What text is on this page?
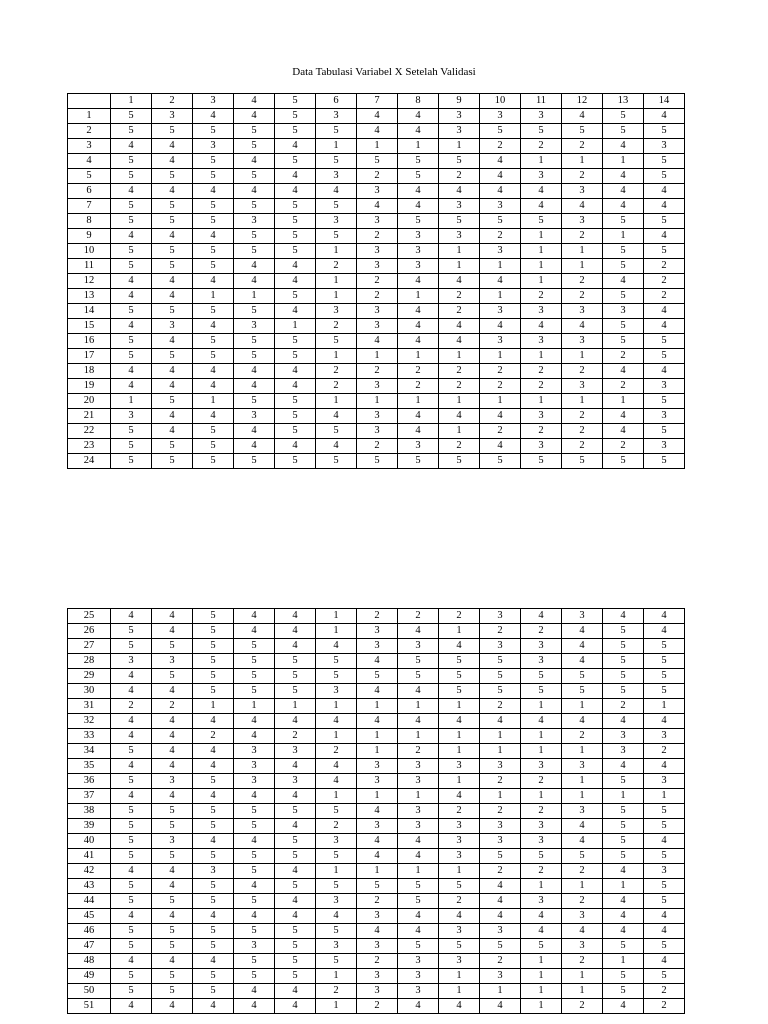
Data Tabulasi Variabel X Setelah Validasi
	1	2	3	4	5	6	7	8	9	10	11	12	13	14
1	5	3	4	4	5	3	4	4	3	3	3	4	5	4
2	5	5	5	5	5	5	4	4	3	5	5	5	5	5
3	4	4	3	5	4	1	1	1	1	2	2	2	4	3
4	5	4	5	4	5	5	5	5	5	4	1	1	1	5
5	5	5	5	5	4	3	2	5	2	4	3	2	4	5
6	4	4	4	4	4	4	3	4	4	4	4	3	4	4
7	5	5	5	5	5	5	4	4	3	3	4	4	4	4
8	5	5	5	3	5	3	3	5	5	5	5	3	5	5
9	4	4	4	5	5	5	2	3	3	2	1	2	1	4
10	5	5	5	5	5	1	3	3	1	3	1	1	5	5
11	5	5	5	4	4	2	3	3	1	1	1	1	5	2
12	4	4	4	4	4	1	2	4	4	4	1	2	4	2
13	4	4	1	1	5	1	2	1	2	1	2	2	5	2
14	5	5	5	5	4	3	3	4	2	3	3	3	3	4
15	4	3	4	3	1	2	3	4	4	4	4	4	5	4
16	5	4	5	5	5	5	4	4	4	3	3	3	5	5
17	5	5	5	5	5	1	1	1	1	1	1	1	2	5
18	4	4	4	4	4	2	2	2	2	2	2	2	4	4
19	4	4	4	4	4	2	3	2	2	2	2	3	2	3
20	1	5	1	5	5	1	1	1	1	1	1	1	1	5
21	3	4	4	3	5	4	3	4	4	4	3	2	4	3
22	5	4	5	4	5	5	3	4	1	2	2	2	4	5
23	5	5	5	4	4	4	2	3	2	4	3	2	2	3
24	5	5	5	5	5	5	5	5	5	5	5	5	5	5
25	4	4	5	4	4	1	2	2	2	3	4	3	4	4
26	5	4	5	4	4	1	3	4	1	2	2	4	5	4
27	5	5	5	5	4	4	3	3	4	3	3	4	5	5
28	3	3	5	5	5	5	4	5	5	5	3	4	5	5
29	4	5	5	5	5	5	5	5	5	5	5	5	5	5
30	4	4	5	5	5	3	4	4	5	5	5	5	5	5
31	2	2	1	1	1	1	1	1	1	2	1	1	2	1
32	4	4	4	4	4	4	4	4	4	4	4	4	4	4
33	4	4	2	4	2	1	1	1	1	1	1	2	3	3
34	5	4	4	3	3	2	1	2	1	1	1	1	3	2
35	4	4	4	3	4	4	3	3	3	3	3	3	4	4
36	5	3	5	3	3	4	3	3	1	2	2	1	5	3
37	4	4	4	4	4	1	1	1	4	1	1	1	1	1
38	5	5	5	5	5	5	4	3	2	2	2	3	5	5
39	5	5	5	5	4	2	3	3	3	3	3	4	5	5
40	5	3	4	4	5	3	4	4	3	3	3	4	5	4
41	5	5	5	5	5	5	4	4	3	5	5	5	5	5
42	4	4	3	5	4	1	1	1	1	2	2	2	4	3
43	5	4	5	4	5	5	5	5	5	4	1	1	1	5
44	5	5	5	5	4	3	2	5	2	4	3	2	4	5
45	4	4	4	4	4	4	3	4	4	4	4	3	4	4
46	5	5	5	5	5	5	4	4	3	3	4	4	4	4
47	5	5	5	3	5	3	3	5	5	5	5	3	5	5
48	4	4	4	5	5	5	2	3	3	2	1	2	1	4
49	5	5	5	5	5	1	3	3	1	3	1	1	5	5
50	5	5	5	4	4	2	3	3	1	1	1	1	5	2
51	4	4	4	4	4	1	2	4	4	4	1	2	4	2
